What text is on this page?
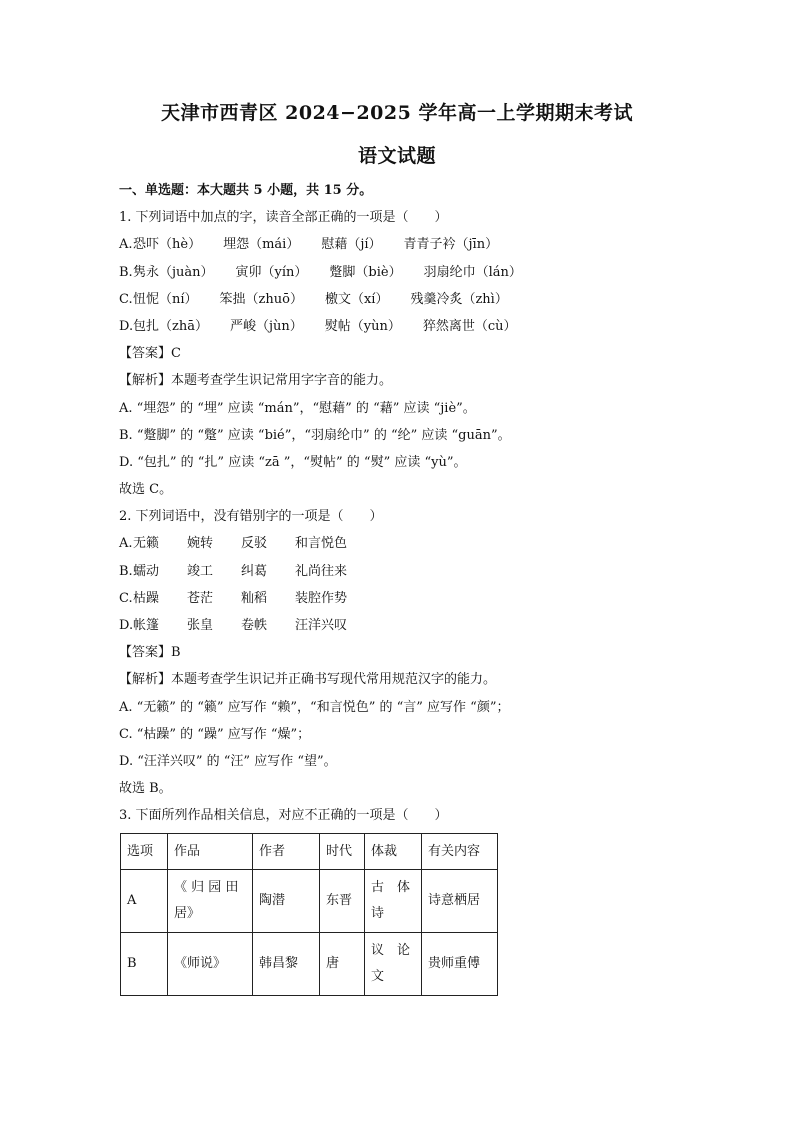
天津市西青区 2024−2025 学年高一上学期期末考试
语文试题
一、单选题：本大题共 5 小题，共 15 分。
1. 下列词语中加点的字，读音全部正确的一项是（　　）
A.恐吓（hè） 埋怨（mái） 慰藉（jí） 青青子衿（jīn）
B.隽永（juàn） 寅卯（yín） 蹩脚（biè） 羽扇纶巾（lán）
C.忸怩（ní） 笨拙（zhuō） 檄文（xí） 残羹冷炙（zhì）
D.包扎（zhā） 严峻（jùn） 熨帖（yùn） 猝然离世（cù）
【答案】C
【解析】本题考查学生识记常用字字音的能力。
A. “埋怨” 的 “埋” 应读 “mán”，“慰藉” 的 “藉” 应读 “jiè”。
B. “蹩脚” 的 “蹩” 应读 “bié”，“羽扇纶巾” 的 “纶” 应读 “guān”。
D. “包扎” 的 “扎” 应读 “zā ”，“熨帖” 的 “熨” 应读 “yù”。
故选 C。
2. 下列词语中，没有错别字的一项是（　　）
A.无籁 婉转 反驳 和言悦色
B.蠕动 竣工 纠葛 礼尚往来
C.枯躁 苍茫 籼稻 装腔作势
D.帐篷 张皇 卷帙 汪洋兴叹
【答案】B
【解析】本题考查学生识记并正确书写现代常用规范汉字的能力。
A. “无籁” 的 “籁” 应写作 “赖”，“和言悦色” 的 “言” 应写作 “颜”；
C. “枯躁” 的 “躁” 应写作 “燥”；
D. “汪洋兴叹” 的 “汪” 应写作 “望”。
故选 B。
3. 下面所列作品相关信息，对应不正确的一项是（　　）
选项	作品	作者	时代	体裁	有关内容
A	《 归 园 田 居》	陶潜	东晋	古　体 诗	诗意栖居
B	《师说》	韩昌黎	唐	议　论 文	贵师重傅
